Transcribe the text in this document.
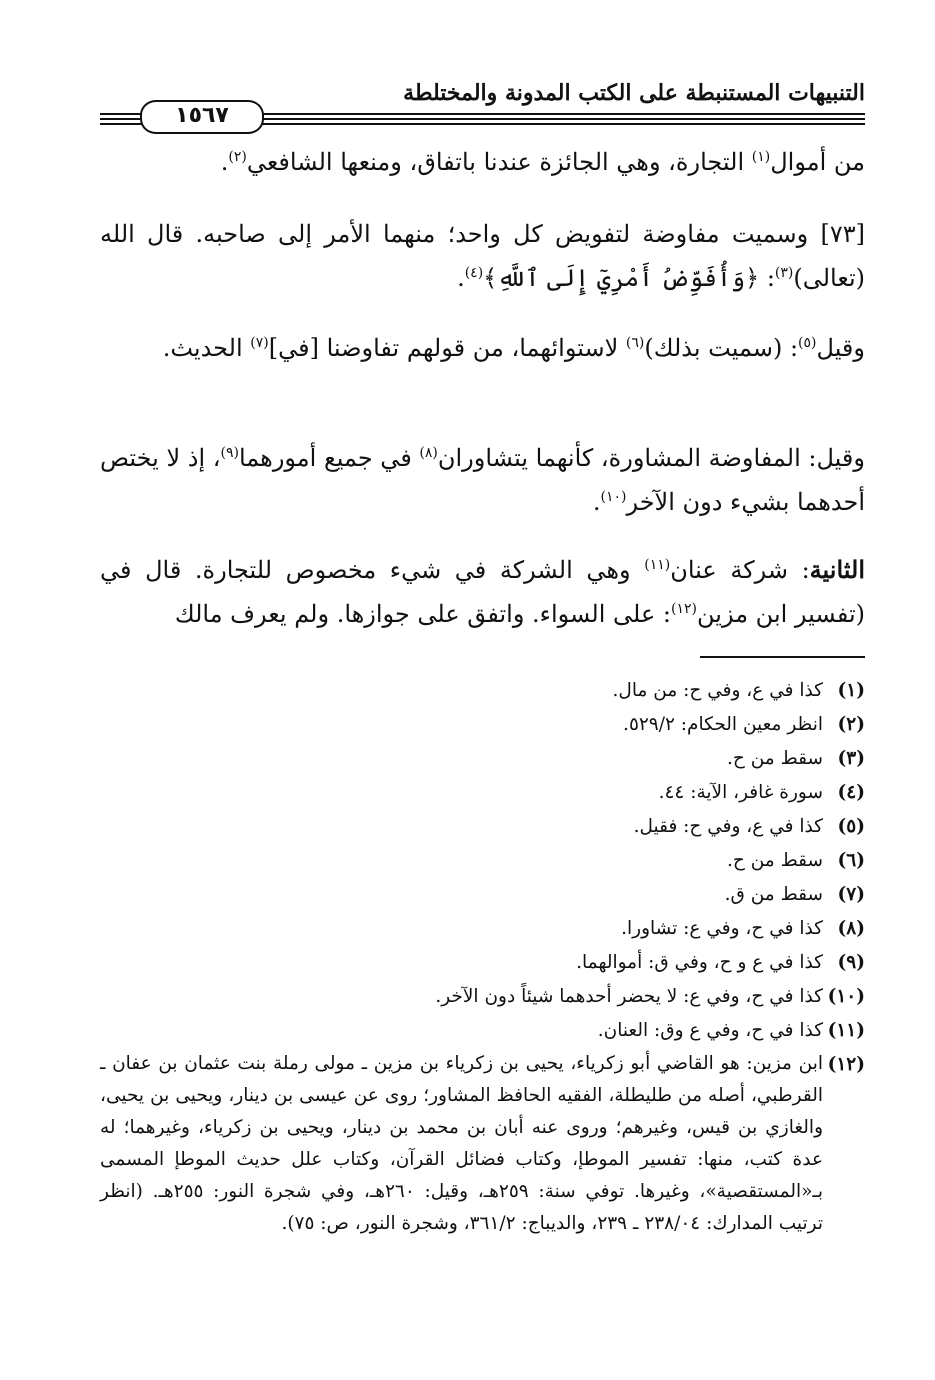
التنبيهات المستنبطة على الكتب المدونة والمختلطة
١٥٦٧

من أموال$^{(١)}$ التجارة، وهي الجائزة عندنا باتفاق، ومنعها الشافعي$^{(٢)}$.

[٧٣] وسميت مفاوضة لتفويض كل واحد؛ منهما الأمر إلى صاحبه. قال الله (تعالى)$^{(٣)}$: ﴿وَأُفَوِّضُ أَمْرِيٓ إِلَى ٱللَّهِ﴾$^{(٤)}$.

وقيل$^{(٥)}$: (سميت بذلك)$^{(٦)}$ لاستوائهما، من قولهم تفاوضنا [في]$^{(٧)}$ الحديث.

وقيل: المفاوضة المشاورة، كأنهما يتشاوران$^{(٨)}$ في جميع أمورهما$^{(٩)}$، إذ لا يختص أحدهما بشيء دون الآخر$^{(١٠)}$.

الثانية: شركة عنان$^{(١١)}$ وهي الشركة في شيء مخصوص للتجارة. قال في (تفسير ابن مزين$^{(١٢)}$: على السواء. واتفق على جوازها. ولم يعرف مالك

(١)
كذا في ع، وفي ح: من مال.

(٢)
انظر معين الحكام: ٥٢٩/٢.

(٣)
سقط من ح.

(٤)
سورة غافر، الآية: ٤٤.

(٥)
كذا في ع، وفي ح: فقيل.

(٦)
سقط من ح.

(٧)
سقط من ق.

(٨)
كذا في ح، وفي ع: تشاورا.

(٩)
كذا في ع و ح، وفي ق: أموالهما.

(١٠)
كذا في ح، وفي ع: لا يحضر أحدهما شيئاً دون الآخر.

(١١)
كذا في ح، وفي ع وق: العنان.

(١٢)
ابن مزين: هو القاضي أبو زكرياء، يحيى بن زكرياء بن مزين ـ مولى رملة بنت عثمان بن عفان ـ القرطبي، أصله من طليطلة، الفقيه الحافظ المشاور؛ روى عن عيسى بن دينار، ويحيى بن يحيى، والغازي بن قيس، وغيرهم؛ وروى عنه أبان بن محمد بن دينار، ويحيى بن زكرياء، وغيرهما؛ له عدة كتب، منها: تفسير الموطإ، وكتاب فضائل القرآن، وكتاب علل حديث الموطإ المسمى بـ«المستقصية»، وغيرها. توفي سنة: ٢٥٩هـ، وقيل: ٢٦٠هـ، وفي شجرة النور: ٢٥٥هـ. (انظر ترتيب المدارك: ٢٣٨/٠٤ ـ ٢٣٩، والديباج: ٣٦١/٢، وشجرة النور، ص: ٧٥).
